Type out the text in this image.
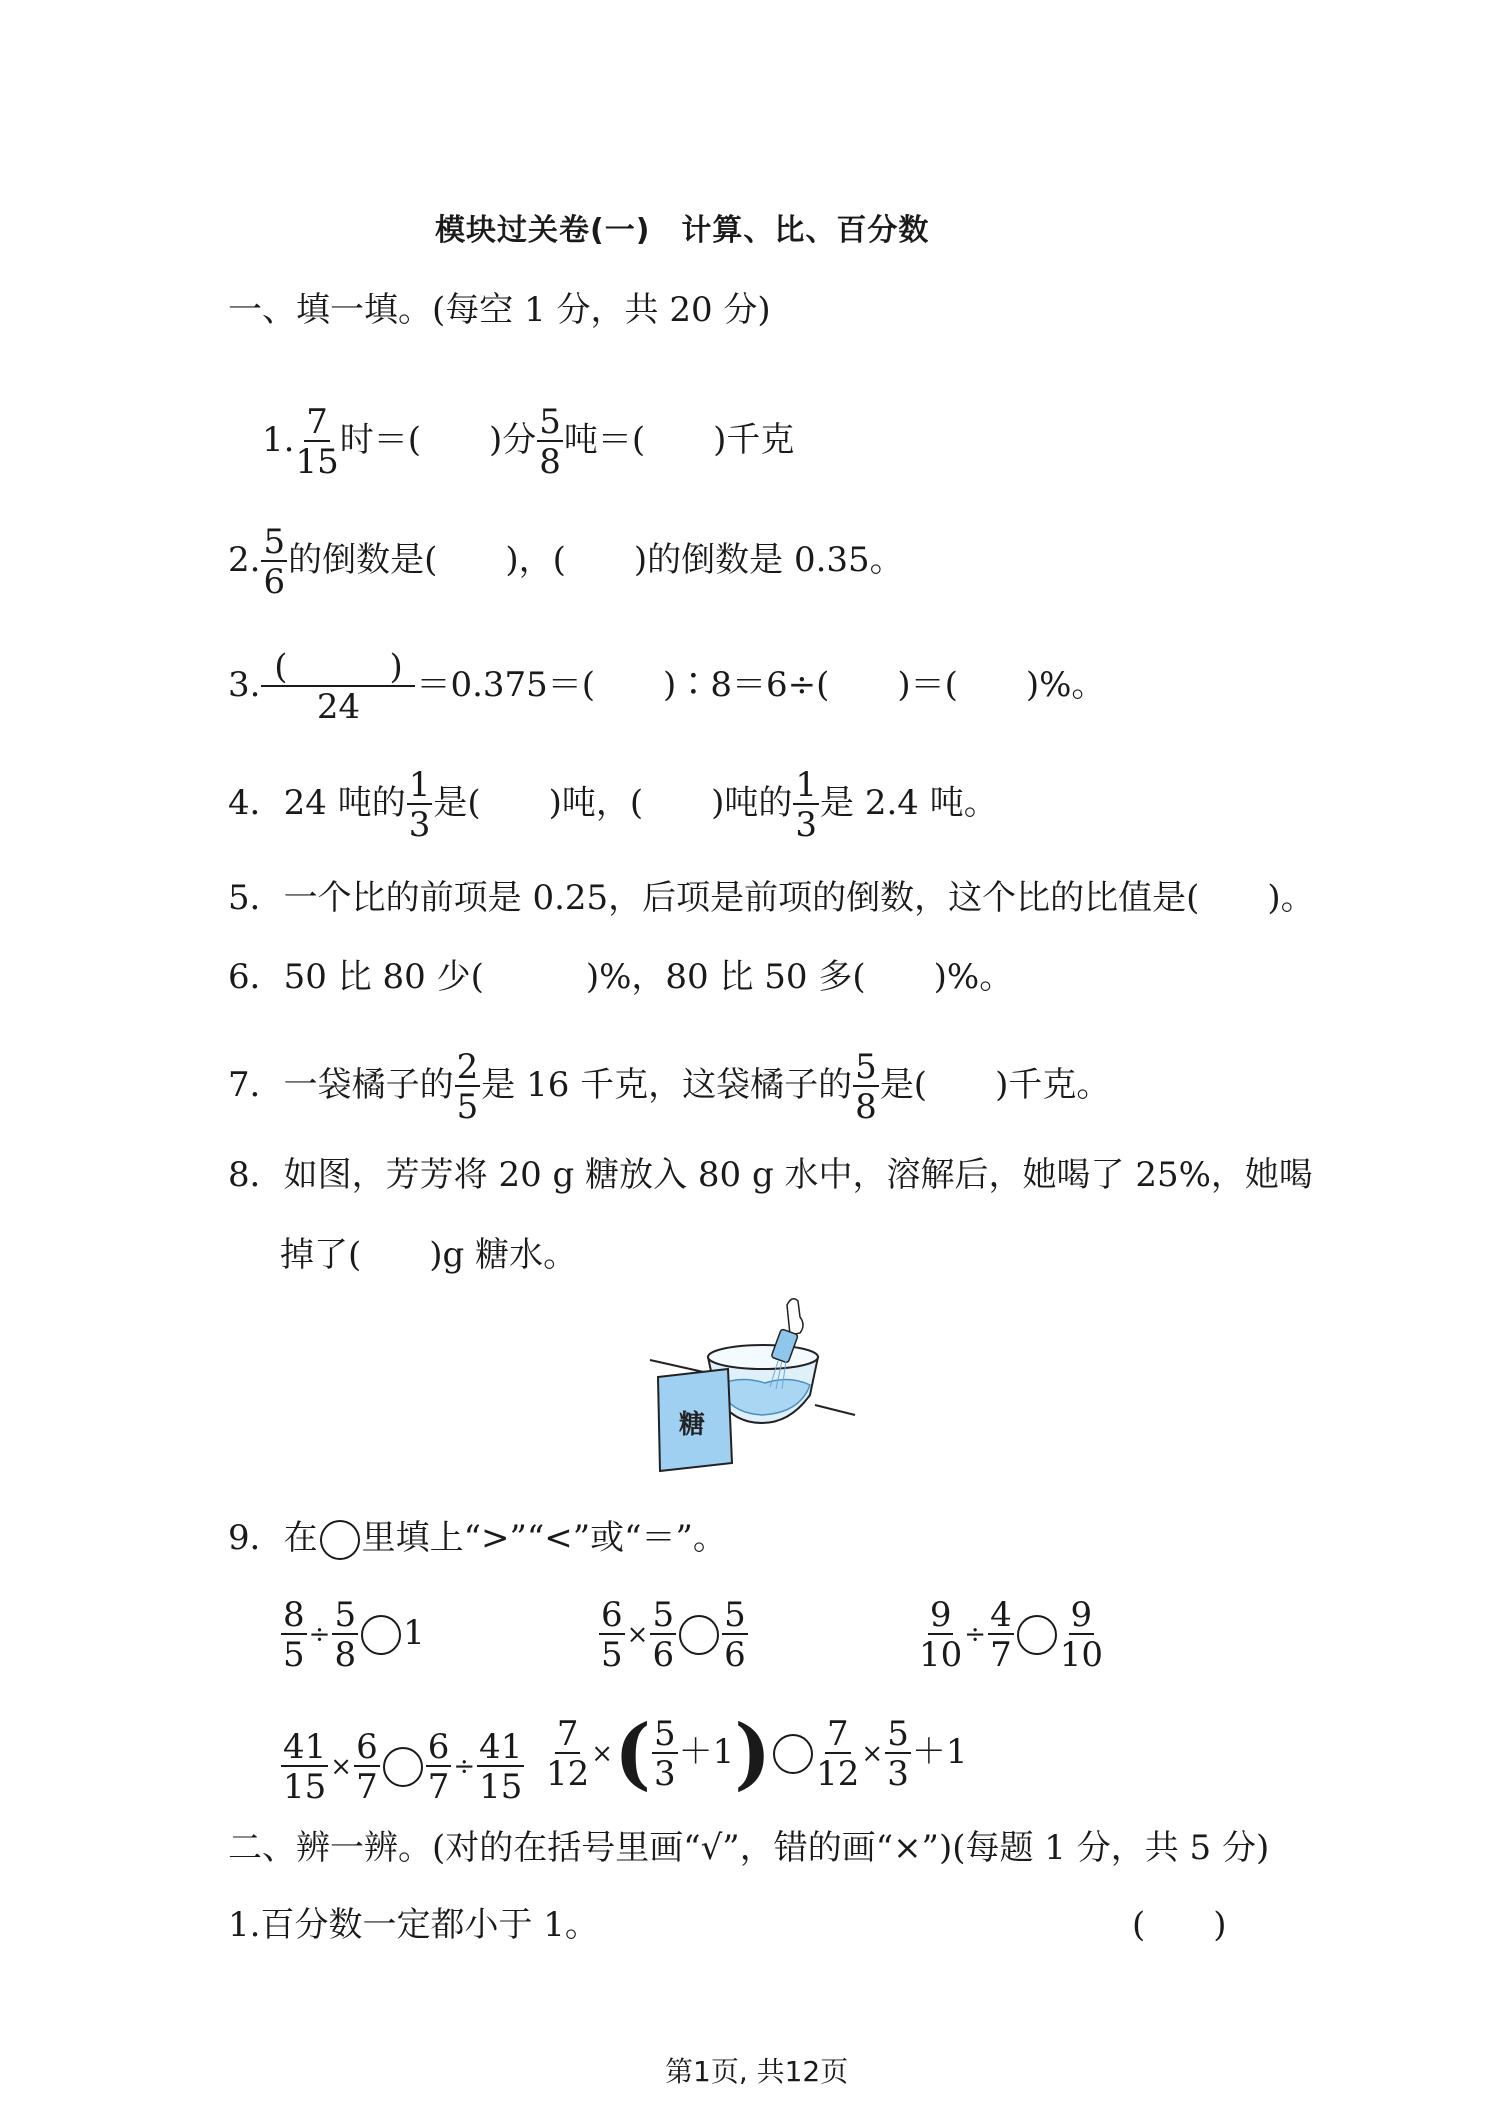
模块过关卷(一)　计算、比、百分数
一、填一填。(每空 1 分，共 20 分)
1. $\frac{7}{15}$ 时＝(　　)分 $\frac{5}{8}$ 吨＝(　　)千克
2. $\frac{5}{6}$ 的倒数是(　　)，(　　)的倒数是 0.35。
3. $\frac{( )}{24} =0.375=$(　　)∶8＝6÷(　　)＝(　　)%。
4．24 吨的 $\frac{1}{3}$ 是(　　)吨，(　　)吨的 $\frac{1}{3}$ 是 2.4 吨。
5．一个比的前项是 0.25，后项是前项的倒数，这个比的比值是(　　)。
6．50 比 80 少(　　　)%，80 比 50 多(　　)%。
7．一袋橘子的 $\frac{2}{5}$ 是 16 千克，这袋橘子的 $\frac{5}{8}$ 是(　　)千克。
8．如图，芳芳将 20 g 糖放入 80 g 水中，溶解后，她喝了 25%，她喝
掉了(　　)g 糖水。
糖
9．在 里填上“>”“<”或“＝”。
$\frac{8}{5} \div \frac{5}{8} 1$	$\frac{6}{5} \times \frac{5}{6} \frac{5}{6}$	$\frac{9}{10} \div \frac{4}{7} \frac{9}{10}$
$\frac{41}{15} \times \frac{6}{7} \frac{6}{7} \div \frac{41}{15} \frac{7}{12}$ ×( $\frac{5}{3} +1) \frac{7}{12} \times \frac{5}{3} +1$
二、辨一辨。(对的在括号里画“√”，错的画“×”)(每题 1 分，共 5 分)
1.百分数一定都小于 1。	(　　)
第1页, 共12页
